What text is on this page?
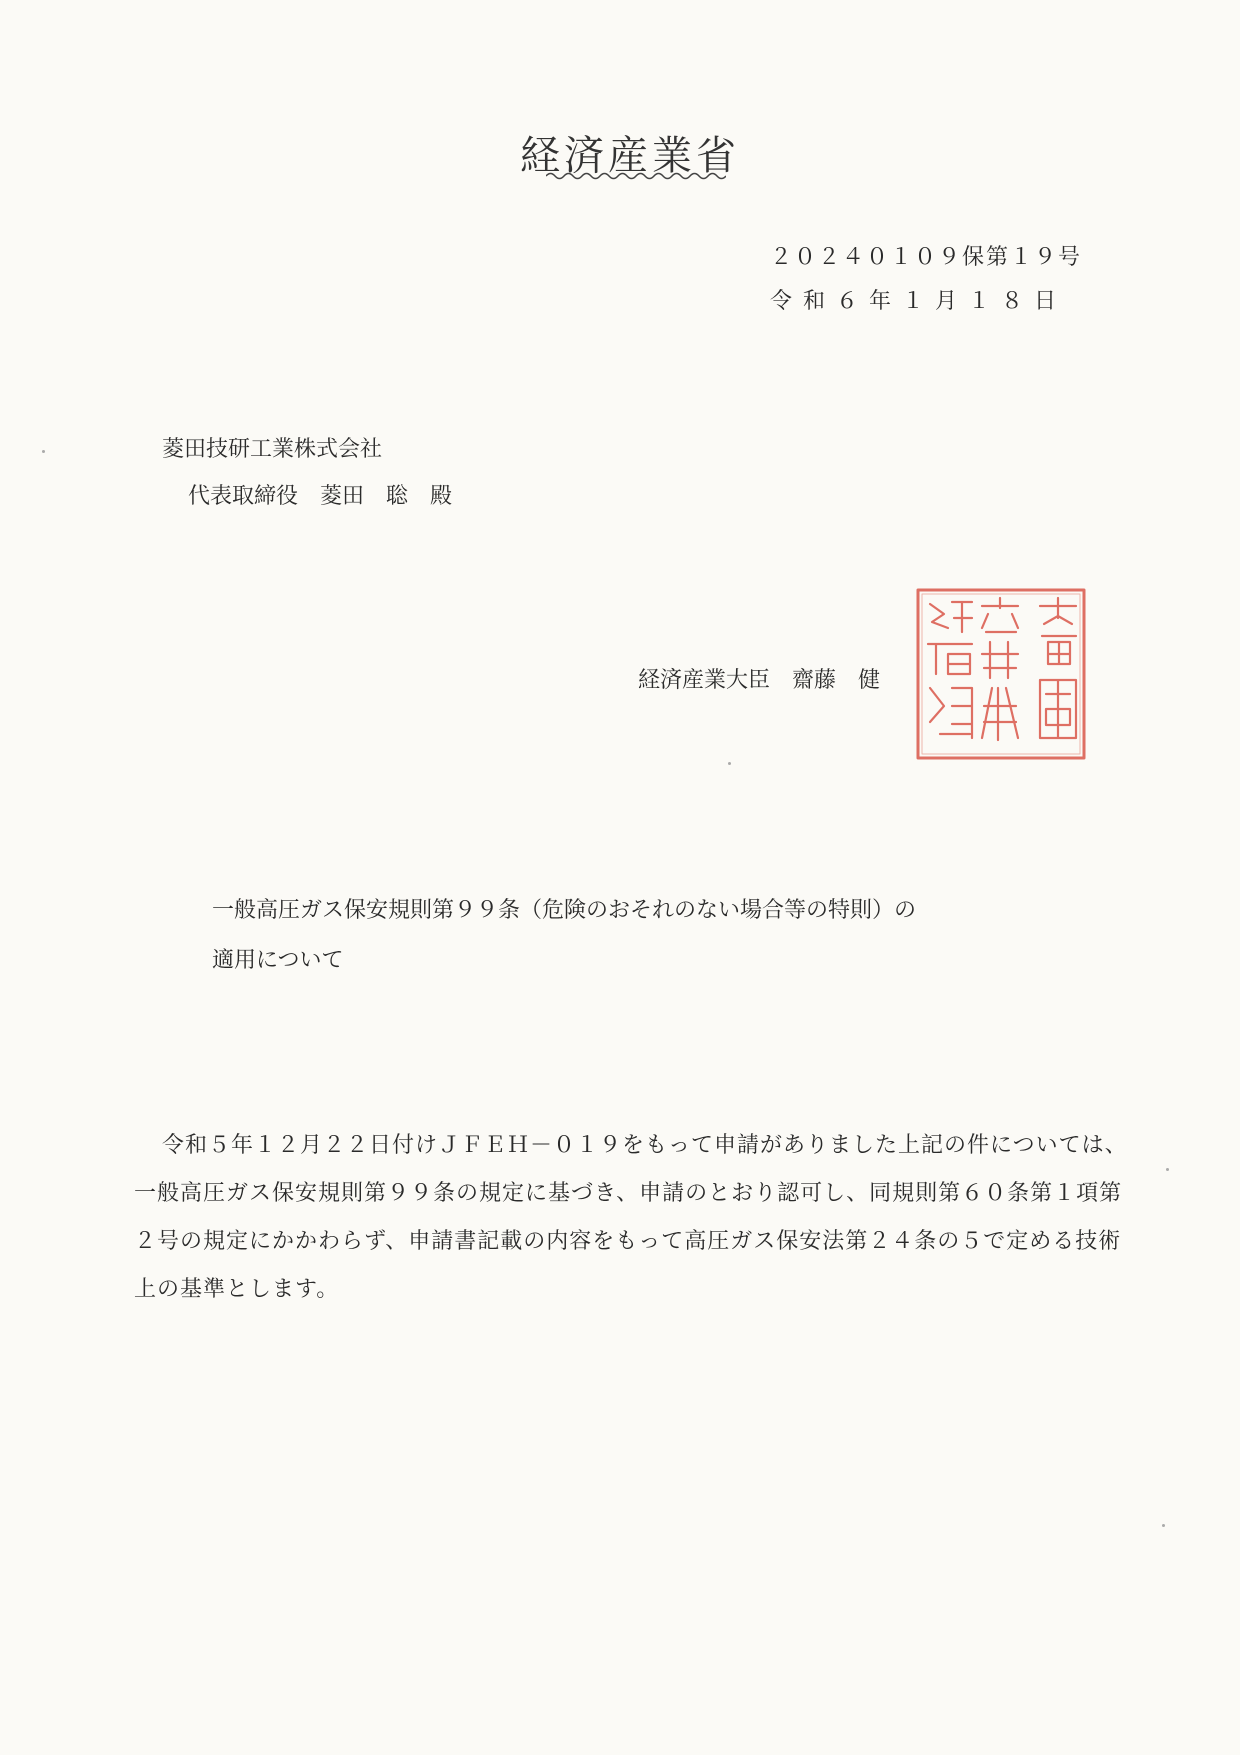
経済産業省
２０２４０１０９保第１９号
令和６年１月１８日
菱田技研工業株式会社
代表取締役　菱田　聡　殿
経済産業大臣　齋藤　健
一般高圧ガス保安規則第９９条（危険のおそれのない場合等の特則）の
適用について
令和５年１２月２２日付けＪＦＥＨ－０１９をもって申請がありました上記の件については、一般高圧ガス保安規則第９９条の規定に基づき、申請のとおり認可し、同規則第６０条第１項第２号の規定にかかわらず、申請書記載の内容をもって高圧ガス保安法第２４条の５で定める技術上の基準とします。
